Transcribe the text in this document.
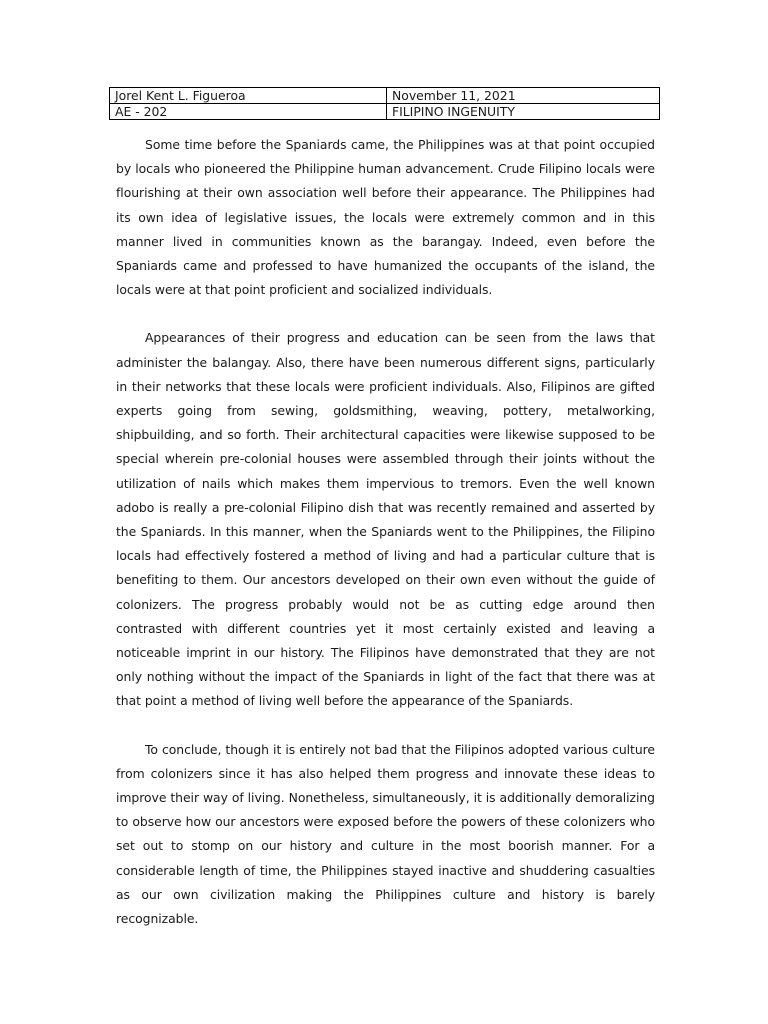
Jorel Kent L. Figueroa	November 11, 2021
AE - 202	FILIPINO INGENUITY

Some time before the Spaniards came, the Philippines was at that point occupied by locals who pioneered the Philippine human advancement. Crude Filipino locals were flourishing at their own association well before their appearance. The Philippines had its own idea of legislative issues, the locals were extremely common and in this manner lived in communities known as the barangay. Indeed, even before the Spaniards came and professed to have humanized the occupants of the island, the locals were at that point proficient and socialized individuals.

Appearances of their progress and education can be seen from the laws that administer the balangay. Also, there have been numerous different signs, particularly in their networks that these locals were proficient individuals. Also, Filipinos are gifted experts going from sewing, goldsmithing, weaving, pottery, metalworking, shipbuilding, and so forth. Their architectural capacities were likewise supposed to be special wherein pre-colonial houses were assembled through their joints without the utilization of nails which makes them impervious to tremors. Even the well known adobo is really a pre-colonial Filipino dish that was recently remained and asserted by the Spaniards. In this manner, when the Spaniards went to the Philippines, the Filipino locals had effectively fostered a method of living and had a particular culture that is benefiting to them. Our ancestors developed on their own even without the guide of colonizers. The progress probably would not be as cutting edge around then contrasted with different countries yet it most certainly existed and leaving a noticeable imprint in our history. The Filipinos have demonstrated that they are not only nothing without the impact of the Spaniards in light of the fact that there was at that point a method of living well before the appearance of the Spaniards.

To conclude, though it is entirely not bad that the Filipinos adopted various culture from colonizers since it has also helped them progress and innovate these ideas to improve their way of living. Nonetheless, simultaneously, it is additionally demoralizing to observe how our ancestors were exposed before the powers of these colonizers who set out to stomp on our history and culture in the most boorish manner. For a considerable length of time, the Philippines stayed inactive and shuddering casualties as our own civilization making the Philippines culture and history is barely recognizable.
